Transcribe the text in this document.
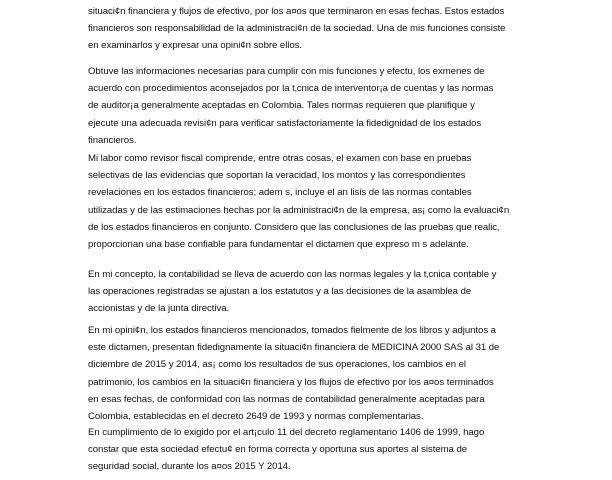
situaci¢n financiera y flujos de efectivo, por los a¤os que terminaron en esas fechas. Estos estados
financieros son responsabilidad de la administraci¢n de la sociedad. Una de mis funciones consiste
en examinarlos y expresar una opini¢n sobre ellos.
Obtuve las informaciones necesarias para cumplir con mis funciones y efectu, los exmenes de
acuerdo con procedimientos aconsejados por la t‚cnica de interventor¡a de cuentas y las normas
de auditor¡a generalmente aceptadas en Colombia. Tales normas requieren que planifique y
ejecute una adecuada revisi¢n para verificar satisfactoriamente la fidedignidad de los estados
financieros.
Mi labor como revisor fiscal comprende, entre otras cosas, el examen con base en pruebas
selectivas de las evidencias que soportan la veracidad, los montos y las correspondientes
revelaciones en los estados financieros; adem s, incluye el an lisis de las normas contables
utilizadas y de las estimaciones hechas por la administraci¢n de la empresa, as¡ como la evaluaci¢n
de los estados financieros en conjunto. Considero que las conclusiones de las pruebas que realic‚
proporcionan una base confiable para fundamentar el dictamen que expreso m s adelante.
En mi concepto, la contabilidad se lleva de acuerdo con las normas legales y la t‚cnica contable y
las operaciones registradas se ajustan a los estatutos y a las decisiones de la asamblea de
accionistas y de la junta directiva.
En mi opini¢n, los estados financieros mencionados, tomados fielmente de los libros y adjuntos a
este dictamen, presentan fidedignamente la situaci¢n financiera de MEDICINA 2000 SAS al 31 de
diciembre de 2015 y 2014, as¡ como los resultados de sus operaciones, los cambios en el
patrimonio, los cambios en la situaci¢n financiera y los flujos de efectivo por los a¤os terminados
en esas fechas, de conformidad con las normas de contabilidad generalmente aceptadas para
Colombia, establecidas en el decreto 2649 de 1993 y normas complementarias.
En cumplimiento de lo exigido por el art¡culo 11 del decreto reglamentario 1406 de 1999, hago
constar que esta sociedad efectu¢ en forma correcta y oportuna sus aportes al sistema de
seguridad social, durante los a¤os 2015 Y 2014.
